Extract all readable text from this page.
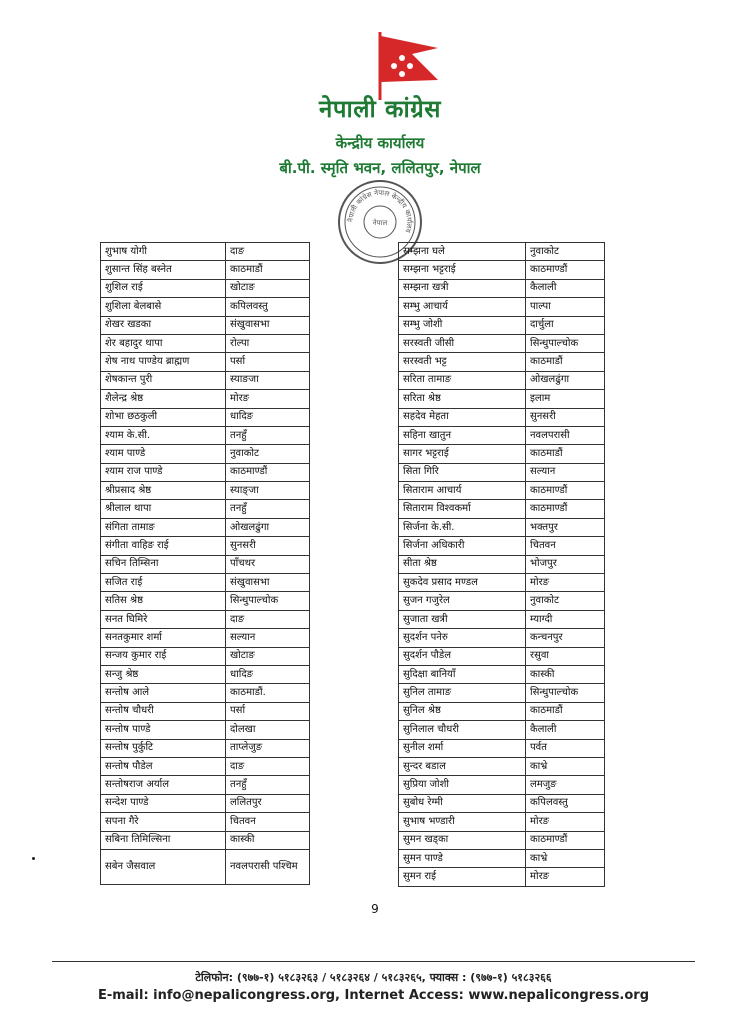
नेपाली कांग्रेस
केन्द्रीय कार्यालय
बी.पी. स्मृति भवन, ललितपुर, नेपाल
नेपाली कांग्रेस नेपाल केन्द्रीय कार्यालय
नेपाल
शुभाष योगी	दाङ
शुसान्त सिंह बस्नेत	काठमाडौं
शुशिल राई	खोटाङ
शुशिला बेलबासे	कपिलवस्तु
शेखर खडका	संखुवासभा
शेर बहादुर थापा	रोल्पा
शेष नाथ पाण्डेय ब्राह्मण	पर्सा
शेषकान्त पुरी	स्याङजा
शैलेन्द्र श्रेष्ठ	मोरङ
शोभा छठकुली	धादिङ
श्याम के.सी.	तनहुँ
श्याम पाण्डे	नुवाकोट
श्याम राज पाण्डे	काठमाण्डौं
श्रीप्रसाद श्रेष्ठ	स्याङ्जा
श्रीलाल थापा	तनहुँ
संगिता तामाङ	ओखलढुंगा
संगीता वाहिङ राई	सुनसरी
सचिन तिम्सिना	पाँचथर
सजित राई	संखुवासभा
सतिस श्रेष्ठ	सिन्धुपाल्चोक
सनत घिमिरे	दाङ
सनतकुमार शर्मा	सल्यान
सन्जय कुमार राई	खोटाङ
सन्जु श्रेष्ठ	धादिङ
सन्तोष आले	काठमाडौं.
सन्तोष चौधरी	पर्सा
सन्तोष पाण्डे	दोलखा
सन्तोष पुर्कुटि	ताप्लेजुङ
सन्तोष पौडेल	दाङ
सन्तोषराज अर्याल	तनहुँ
सन्देश पाण्डे	ललितपुर
सपना गैरे	चितवन
सबिना तिमिल्सिना	कास्की
सबेन जैसवाल	नवलपरासी पश्चिम
सम्झना घले	नुवाकोट
सम्झना भट्टराई	काठमाण्डौं
सम्झना खत्री	कैलाली
सम्भु आचार्य	पाल्पा
सम्भु जोशी	दार्चुला
सरस्वती जीसी	सिन्धुपाल्चोक
सरस्वती भट्ट	काठमाडौं
सरिता तामाङ	ओखलढुंगा
सरिता श्रेष्ठ	इलाम
सहदेव मेहता	सुनसरी
सहिना खातुन	नवलपरासी
सागर भट्टराई	काठमाडौं
सिता गिरि	सल्यान
सिताराम आचार्य	काठमाण्डौं
सिताराम विश्वकर्मा	काठमाण्डौं
सिर्जना के.सी.	भक्तपुर
सिर्जना अधिकारी	चितवन
सीता श्रेष्ठ	भोजपुर
सुकदेव प्रसाद मण्डल	मोरङ
सुजन गजुरेल	नुवाकोट
सुजाता खत्री	म्याग्दी
सुदर्शन पनेरु	कन्चनपुर
सुदर्शन पौडेल	रसुवा
सुदिक्षा बानियाँ	कास्की
सुनिल तामाङ	सिन्धुपाल्चोक
सुनिल श्रेष्ठ	काठमाडौं
सुनिलाल चौधरी	कैलाली
सुनील शर्मा	पर्वत
सुन्दर बडाल	काभ्रे
सुप्रिया जोशी	लमजुङ
सुबोध रेग्मी	कपिलवस्तु
सुभाष भण्डारी	मोरङ
सुमन खड्का	काठमाण्डौं
सुमन पाण्डे	काभ्रे
सुमन राई	मोरङ
9
टेलिफोन: (९७७-१) ५१८३२६३ / ५१८३२६४ / ५१८३२६५, फ्याक्स : (९७७-१) ५१८३२६६
E-mail: info@nepalicongress.org, Internet Access: www.nepalicongress.org
